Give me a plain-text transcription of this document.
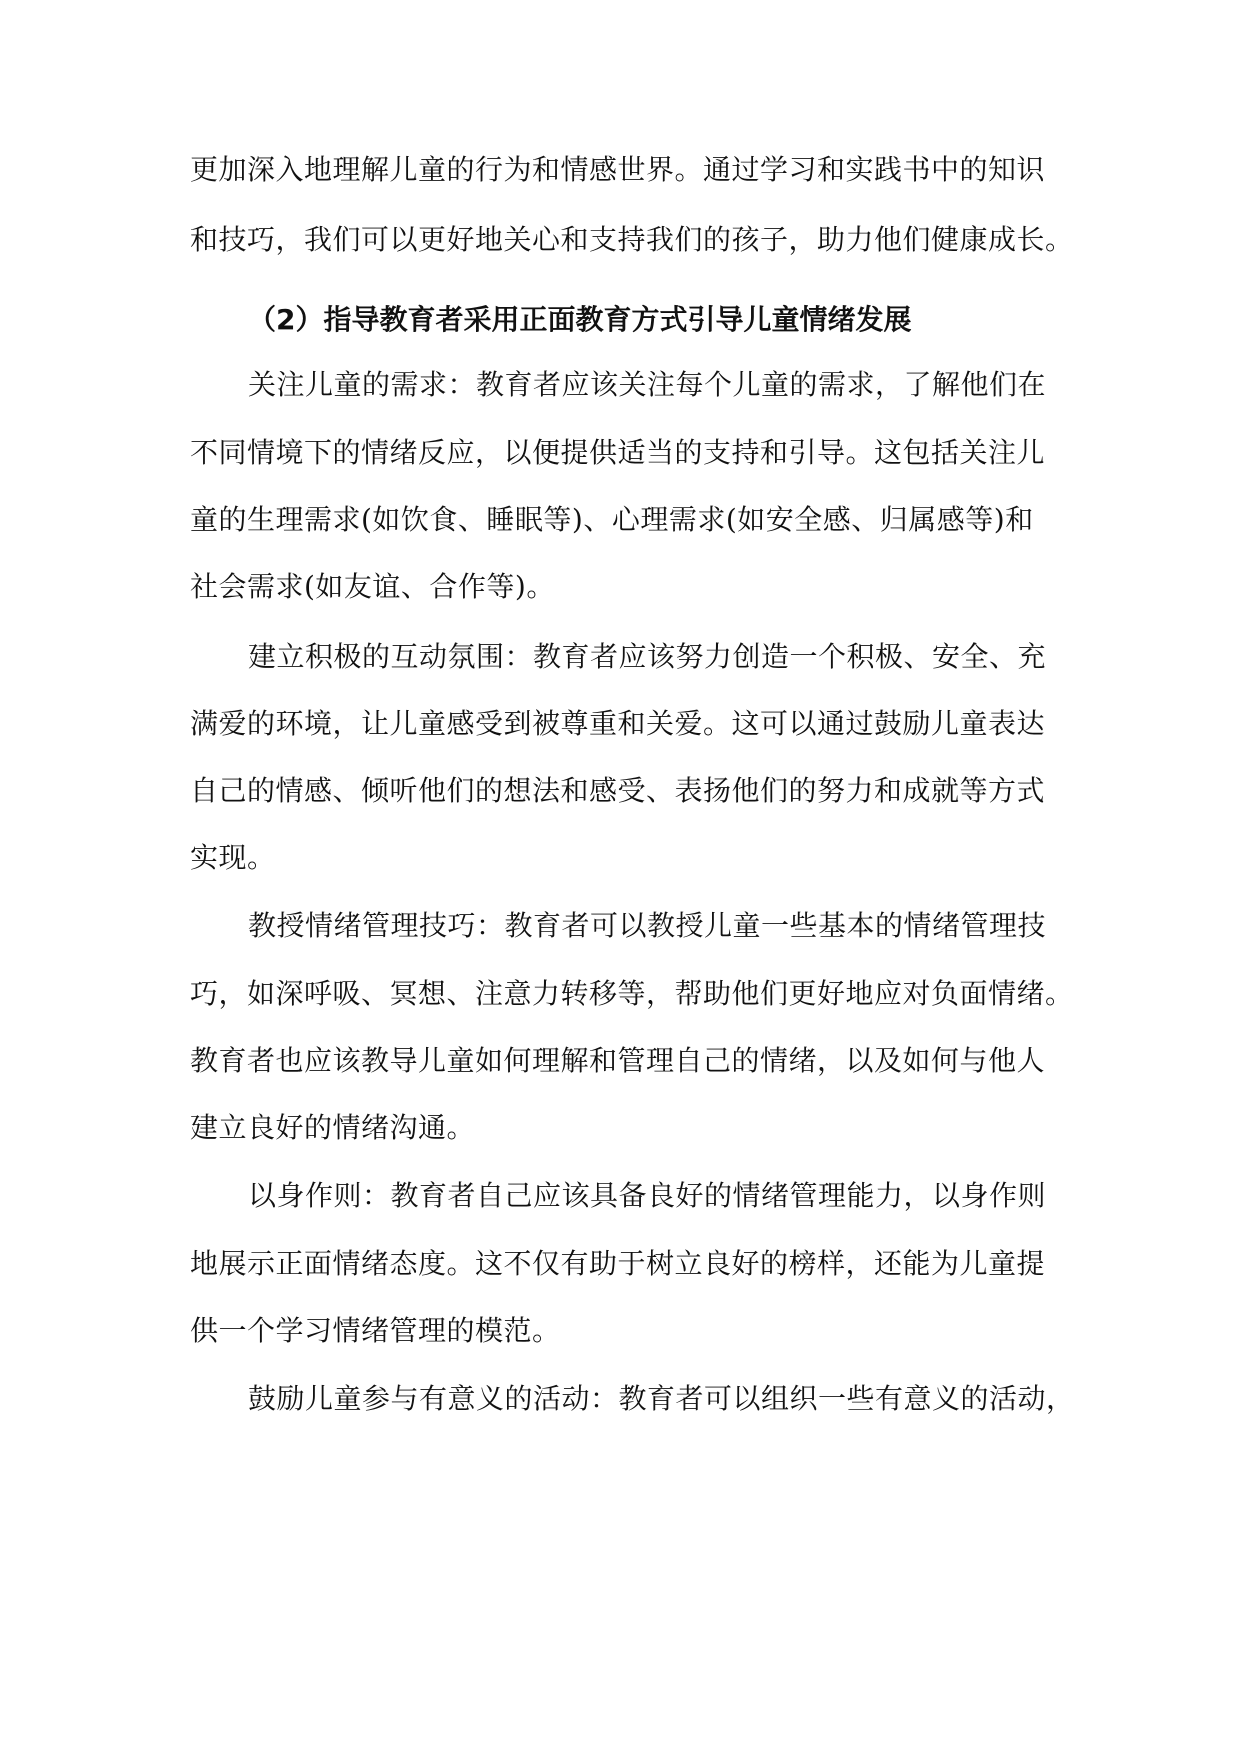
更加深入地理解儿童的行为和情感世界。通过学习和实践书中的知识
和技巧，我们可以更好地关心和支持我们的孩子，助力他们健康成长。
（2）指导教育者采用正面教育方式引导儿童情绪发展
关注儿童的需求：教育者应该关注每个儿童的需求，了解他们在
不同情境下的情绪反应，以便提供适当的支持和引导。这包括关注儿
童的生理需求(如饮食、睡眠等)、心理需求(如安全感、归属感等)和
社会需求(如友谊、合作等)。
建立积极的互动氛围：教育者应该努力创造一个积极、安全、充
满爱的环境，让儿童感受到被尊重和关爱。这可以通过鼓励儿童表达
自己的情感、倾听他们的想法和感受、表扬他们的努力和成就等方式
实现。
教授情绪管理技巧：教育者可以教授儿童一些基本的情绪管理技
巧，如深呼吸、冥想、注意力转移等，帮助他们更好地应对负面情绪。
教育者也应该教导儿童如何理解和管理自己的情绪，以及如何与他人
建立良好的情绪沟通。
以身作则：教育者自己应该具备良好的情绪管理能力，以身作则
地展示正面情绪态度。这不仅有助于树立良好的榜样，还能为儿童提
供一个学习情绪管理的模范。
鼓励儿童参与有意义的活动：教育者可以组织一些有意义的活动，
